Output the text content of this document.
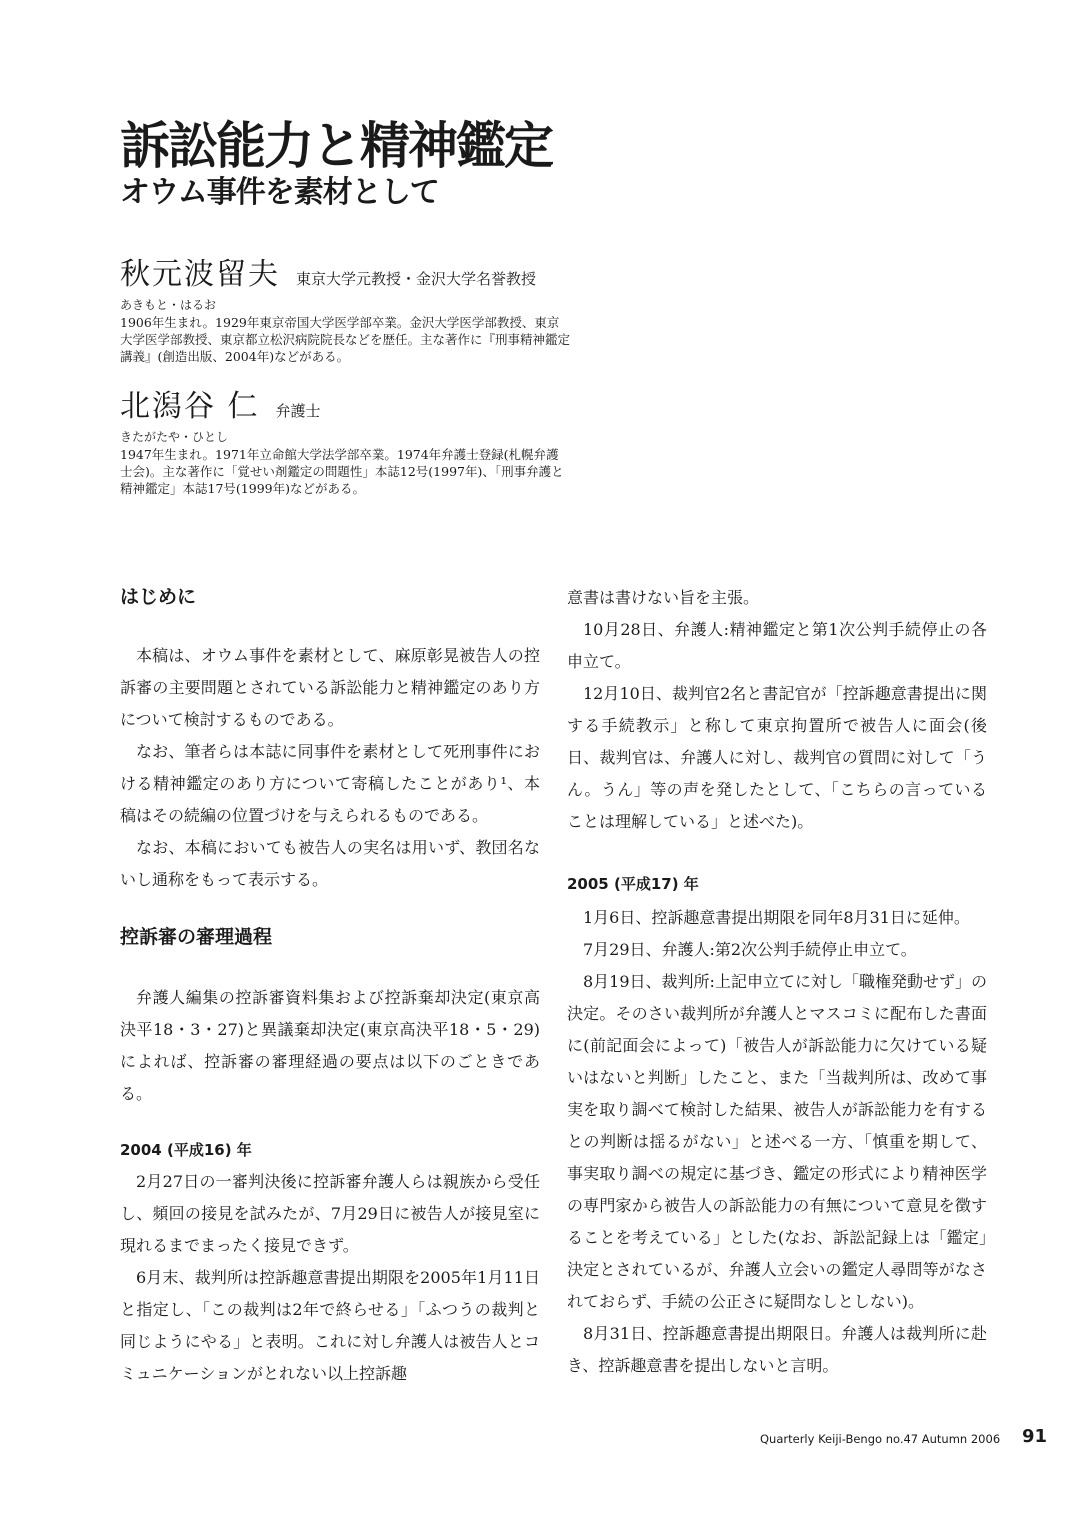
訴訟能力と精神鑑定
オウム事件を素材として
秋元波留夫 東京大学元教授・金沢大学名誉教授
あきもと・はるお

1906年生まれ。1929年東京帝国大学医学部卒業。金沢大学医学部教授、東京大学医学部教授、東京都立松沢病院院長などを歴任。主な著作に『刑事精神鑑定講義』(創造出版、2004年)などがある。

北潟谷 仁 弁護士
きたがたや・ひとし

1947年生まれ。1971年立命館大学法学部卒業。1974年弁護士登録(札幌弁護士会)。主な著作に「覚せい剤鑑定の問題性」本誌12号(1997年)、「刑事弁護と精神鑑定」本誌17号(1999年)などがある。

はじめに

本稿は、オウム事件を素材として、麻原彰晃被告人の控訴審の主要問題とされている訴訟能力と精神鑑定のあり方について検討するものである。

なお、筆者らは本誌に同事件を素材として死刑事件における精神鑑定のあり方について寄稿したことがあり¹、本稿はその続編の位置づけを与えられるものである。

なお、本稿においても被告人の実名は用いず、教団名ないし通称をもって表示する。

控訴審の審理過程

弁護人編集の控訴審資料集および控訴棄却決定(東京高決平18・3・27)と異議棄却決定(東京高決平18・5・29)によれば、控訴審の審理経過の要点は以下のごときである。

2004 (平成16) 年

2月27日の一審判決後に控訴審弁護人らは親族から受任し、頻回の接見を試みたが、7月29日に被告人が接見室に現れるまでまったく接見できず。

6月末、裁判所は控訴趣意書提出期限を2005年1月11日と指定し、「この裁判は2年で終らせる」「ふつうの裁判と同じようにやる」と表明。これに対し弁護人は被告人とコミュニケーションがとれない以上控訴趣

意書は書けない旨を主張。

10月28日、弁護人:精神鑑定と第1次公判手続停止の各申立て。

12月10日、裁判官2名と書記官が「控訴趣意書提出に関する手続教示」と称して東京拘置所で被告人に面会(後日、裁判官は、弁護人に対し、裁判官の質問に対して「うん。うん」等の声を発したとして、「こちらの言っていることは理解している」と述べた)。

2005 (平成17) 年

1月6日、控訴趣意書提出期限を同年8月31日に延伸。

7月29日、弁護人:第2次公判手続停止申立て。

8月19日、裁判所:上記申立てに対し「職権発動せず」の決定。そのさい裁判所が弁護人とマスコミに配布した書面に(前記面会によって)「被告人が訴訟能力に欠けている疑いはないと判断」したこと、また「当裁判所は、改めて事実を取り調べて検討した結果、被告人が訴訟能力を有するとの判断は揺るがない」と述べる一方、「慎重を期して、事実取り調べの規定に基づき、鑑定の形式により精神医学の専門家から被告人の訴訟能力の有無について意見を徴することを考えている」とした(なお、訴訟記録上は「鑑定」決定とされているが、弁護人立会いの鑑定人尋問等がなされておらず、手続の公正さに疑問なしとしない)。

8月31日、控訴趣意書提出期限日。弁護人は裁判所に赴き、控訴趣意書を提出しないと言明。

Quarterly Keiji-Bengo no.47 Autumn 2006 91
